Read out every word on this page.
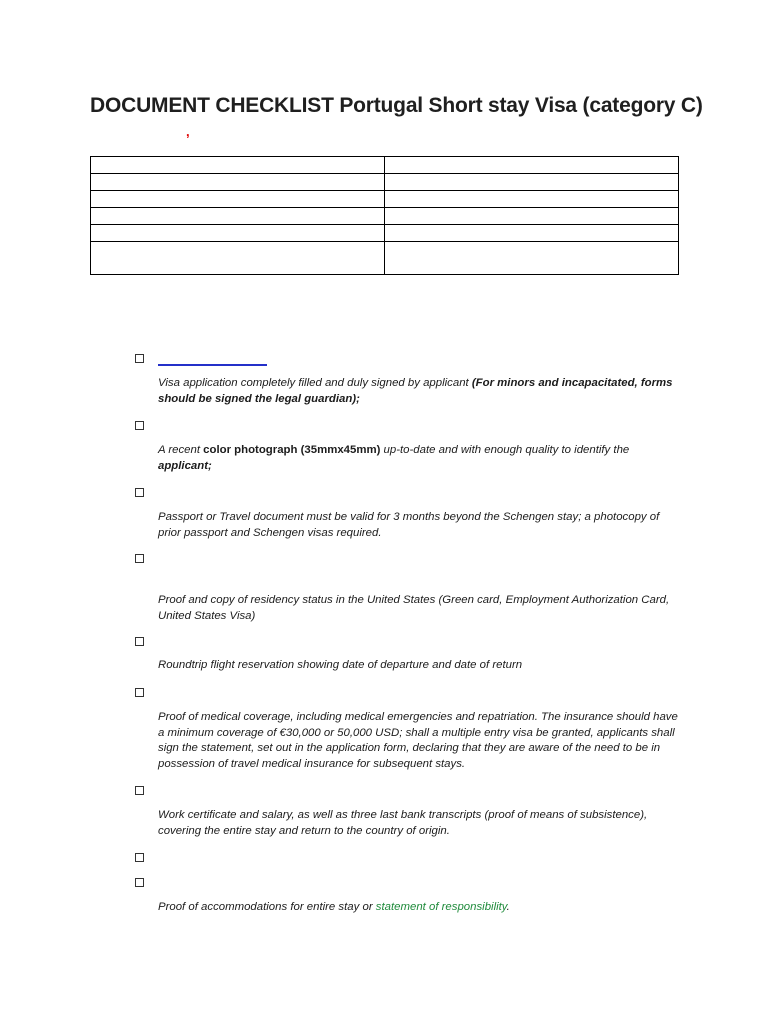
DOCUMENT CHECKLIST Portugal Short stay Visa (category C)
,

Visa application completely filled and duly signed by applicant (For minors and incapacitated, forms should be signed the legal guardian);
A recent color photograph (35mmx45mm) up-to-date and with enough quality to identify the applicant;
Passport or Travel document must be valid for 3 months beyond the Schengen stay; a photocopy of prior passport and Schengen visas required.
Proof and copy of residency status in the United States (Green card, Employment Authorization Card, United States Visa)
Roundtrip flight reservation showing date of departure and date of return
Proof of medical coverage, including medical emergencies and repatriation. The insurance should have a minimum coverage of €30,000 or 50,000 USD; shall a multiple entry visa be granted, applicants shall sign the statement, set out in the application form, declaring that they are aware of the need to be in possession of travel medical insurance for subsequent stays.
Work certificate and salary, as well as three last bank transcripts (proof of means of subsistence), covering the entire stay and return to the country of origin.
Proof of accommodations for entire stay or statement of responsibility.
